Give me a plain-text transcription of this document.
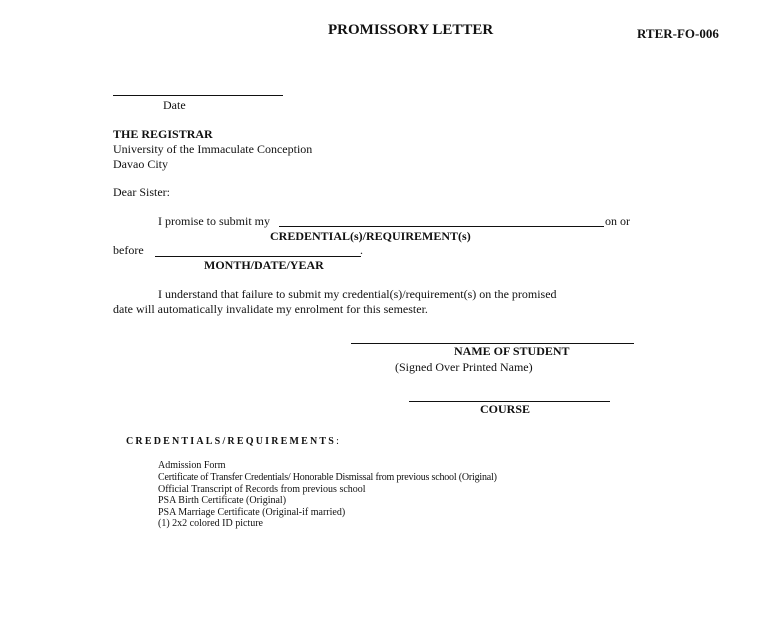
PROMISSORY LETTER	RTER-FO-006
Date
THE REGISTRAR
University of the Immaculate Conception
Davao City
Dear Sister:
I promise to submit my	on or
CREDENTIAL(s)/REQUIREMENT(s)
before	.
MONTH/DATE/YEAR
I understand that failure to submit my credential(s)/requirement(s) on the promised
date will automatically invalidate my enrolment for this semester.
NAME OF STUDENT
(Signed Over Printed Name)
COURSE
CREDENTIALS/REQUIREMENTS:
Admission Form
Certificate of Transfer Credentials/ Honorable Dismissal from previous school (Original)
Official Transcript of Records from previous school
PSA Birth Certificate (Original)
PSA Marriage Certificate (Original-if married)
(1) 2x2 colored ID picture
